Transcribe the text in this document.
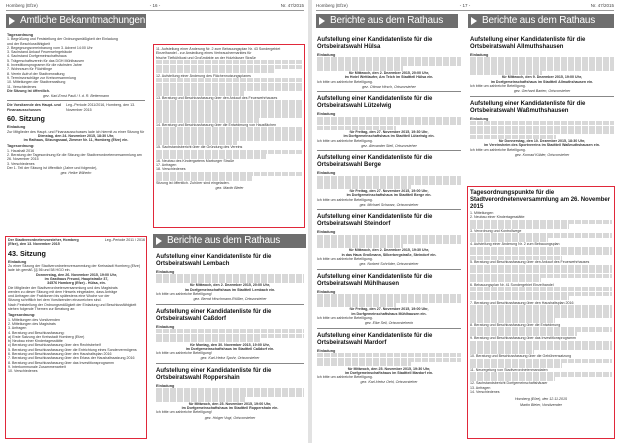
Homberg (Efze)	- 16 -	Nr. 47/2015
Amtliche Bekanntmachungen
Tagesordnung
1. Begrüßung und Feststellung der Ordnungsmäßigkeit der Einladung
und der Beschlussfähigkeit
2. Begegnungsvereinbarung vom 3. Advent 14:00 Uhr
3. Sachstand Ankauf Feuerwehrgebäude
4. Sachstand Dorfgemeinschaftshaus
5. Trägerschaftsverein für das DGH Mühlhausen
6. Investitionsprogramm für die nächsten Jahre
7. Wohnraum für Flüchtlinge
8. Verein Aufruf der Stadtverwaltung
9. Terminvorschläge zur Kreisversammlung
10. Mitteilungen der Stadtverwaltung
11. Verschiedenes
Die Sitzung ist öffentlich.
gez. Karl-Ernst Pauli / f. d. R. Bettermann
Die Vorsitzende des Haupt- und Finanzausschusses
Leg.-Periode 2011/2016, Homberg, den 13. November 2015
60. Sitzung
Einladung
Zur Mitglieder des Haupt- und Finanzausschusses lade ich hiermit zu einer Sitzung für
Dienstag, den 24. November 2015, 18:30 Uhr,
im Rathaus, Sitzungssaal, Zimmer Nr. 11, Homberg (Efze) ein.
Tagesordnung:
1. Haushalt 2016
2. Beratung der Tagesordnung für die Sitzung der Stadtverordnetenversammlung am 26. November 2015
3. Verschiedenes
Der 1. Teil der Sitzung ist öffentlich (Jahre und folgende),
gez. Heike Wilhelm
Der Stadtverordnetenvorsteher, Homberg (Efze), den 13. November 2015
Leg.-Periode 2011 / 2016
43. Sitzung
Einladung
Zu einer Sitzung der Stadtverordnetenversammlung der Kreisstadt Homberg (Efze) lade ich gemäß §§ 56 und 58 HGO ein.
Donnerstag, den 26. November 2015, 19:00 Uhr,
im Gasthaus Freund, Hauptstraße 37,
34576 Homberg (Efze) - Hülsa, ein.
Die Mitglieder der Stadtverordnetenversammlung und des Magistrats
werden zu dieser Sitzung mit dem Hinweis eingeladen, dass Anträge
und Anfragen der Fraktionen bis spätestens eine Woche vor der
Sitzung schriftlich bei dem Vorsitzenden einzureichen sind.
Nach Feststellung der Ordnungsmäßigkeit der Einladung und Beschlussfähigkeit
stehen folgende Themen zur Beratung an:
Tagesordnung:
1. Mitteilungen des Vorsitzenden
2. Mitteilungen des Magistrats
3. Anfragen
4. Beratung und Beschlussfassung:
a) Erste Satzung der Kreisstadt Homberg (Efze)
b) Neubau einer Kindertagesstätte
c) Beratung und Beschlussfassung über den Rechtsbehelf
5. Beratung und Beschlussfassung über die Entrichtung eines Sondervermögens
6. Beratung und Beschlussfassung über den Haushaltsplan 2016
7. Beratung und Beschlussfassung über den Erlass der Haushaltssatzung 2016
8. Beratung und Beschlussfassung über das Investitionsprogramm
9. Interkommunale Zusammenarbeit
10. Verschiedenes
11. Aufstellung einer Änderung Nr. 2 zum Bebauungsplan Nr. 43 Sondergebiet
Einzelhandel - zur Ansiedlung eines Verbrauchermarktes für
frische Tiefkühlkost und Großmärkte an der Holzhäuser Straße
12. Aufstellung einer Änderung des Flächennutzungsplanes
13. Beratung und Beschlussfassung über den Ankauf des Feuerwehrhauses
14. Beratung und Beschlussfassung über die Entwidmung von Hausflächen
15. Sachstandsbericht über die Gründung des Vereins
16. Neubau des Kindergartens Marburger Straße
17. Anfragen
18. Verschiedenes
Sitzung ist öffentlich. Zuhörer sind eingeladen.
gez. Martin Bleier
Berichte aus dem Rathaus
Aufstellung einer Kandidatenliste für die Ortsbeiratswahl Lembach
Einladung
für Mittwoch, den 2. Dezember 2015, 20:00 Uhr,
im Dorfgemeinschaftshaus im Stadtteil Lembach ein.
Ich bitte um zahlreiche Beteiligung!
gez. Bernd Hirschmann-Rößler, Ortsvorsteher
Aufstellung einer Kandidatenliste für die Ortsbeiratswahl Caßdorf
Einladung
für Montag, den 30. November 2015, 19:00 Uhr,
im Dorfgemeinschaftshaus im Stadtteil Caßdorf ein.
Ich bitte um zahlreiche Beteiligung!
gez. Karl-Heinz Spohr, Ortsvorsteher
Aufstellung einer Kandidatenliste für die Ortsbeiratswahl Roppershain
Einladung
für Mittwoch, den 25. November 2015, 19:00 Uhr,
im Dorfgemeinschaftshaus im Stadtteil Roppershain ein.
Ich bitte um zahlreiche Beteiligung!
gez. Holger Vogt, Ortsvorsteher
Homberg (Efze)	- 17 -	Nr. 47/2015
Berichte aus dem Rathaus	Berichte aus dem Rathaus
Aufstellung einer Kandidatenliste für die Ortsbeiratswahl Hülsa
Einladung
für Mittwoch, den 2. Dezember 2015, 20:00 Uhr,
im Hotel Wettlaufer, Am Teich im Stadtteil Hülsa ein.
Ich bitte um zahlreiche Beteiligung.
gez. Ottmar Hirsch, Ortsvorsteher
Aufstellung einer Kandidatenliste für die Ortsbeiratswahl Lützelwig
Einladung
für Freitag, den 27. November 2015, 19:30 Uhr,
im Dorfgemeinschaftshaus im Stadtteil Lützelwig ein.
Ich bitte um zahlreiche Beteiligung.
gez. Alexander Steil, Ortsvorsteher
Aufstellung einer Kandidatenliste für die Ortsbeiratswahl Berge
Einladung
für Freitag, den 27. November 2015, 19:00 Uhr,
im Dorfgemeinschaftshaus im Stadtteil Berge ein.
Ich bitte um zahlreiche Beteiligung.
gez. Michael Schwarz, Ortsvorsteher
Aufstellung einer Kandidatenliste für die Ortsbeiratswahl Steindorf
Einladung
für Mittwoch, den 2. Dezember 2015, 19:30 Uhr,
in das Haus Großmann, Silberbergstraße, Steindorf ein.
Ich bitte um zahlreiche Beteiligung.
gez. Norbert Schröder, Ortsvorsteher
Aufstellung einer Kandidatenliste für die Ortsbeiratswahl Mühlhausen
Einladung
für Freitag, den 27. November 2015, 19:00 Uhr,
im Dorfgemeinschaftshaus Mühlhausen ein.
Ich bitte um zahlreiche Beteiligung.
gez. Elke Seil, Ortsvorsteherin
Aufstellung einer Kandidatenliste für die Ortsbeiratswahl Mardorf
Einladung
für Mittwoch, den 25. November 2015, 19:30 Uhr,
im Dorfgemeinschaftshaus im Stadtteil Mardorf ein.
Ich bitte um zahlreiche Beteiligung.
gez. Karl-Heinz Oehl, Ortsvorsteher
Aufstellung einer Kandidatenliste für die Ortsbeiratswahl Allmuthshausen
Einladung
für Mittwoch, den 9. Dezember 2015, 19:00 Uhr,
im Dorfgemeinschaftshaus im Stadtteil Allmuthshausen ein.
Ich bitte um zahlreiche Beteiligung.
gez. Gerhard Barten, Ortsvorsteher
Aufstellung einer Kandidatenliste für die Ortsbeiratswahl Waßmuthshausen
Einladung
für Donnerstag, den 10. Dezember 2015, 18:30 Uhr,
im Vereinsheim des Sportvereins im Stadtteil Waßmuthshausen ein.
Ich bitte um zahlreiche Beteiligung.
gez. Konrad Kübler, Ortsvorsteher
Tagesordnungspunkte für die Stadtverordnetenversammlung am 26. November 2015
1. Mitteilungen
2. Neubau einer Kindertagesstätte
3. Verordnung und Kontrollwege
4. Aufstellung einer Änderung Nr. 2 zum Bebauungsplan
5. Beratung und Beschlussfassung über den Ankauf des Feuerwehrhauses
6. Bebauungsplan Nr. 41 Sondergebiet Einzelhandel
7. Beratung und Beschlussfassung über den Haushaltsplan 2016
8. Beratung und Beschlussfassung über die Entwidmung
9. Beratung und Beschlussfassung über das Investitionsprogramm
10. Beratung und Beschlussfassung über die Gebührensatzung
11. Neuregelung von Stadtverordnetenmandaten
12. Sachstandsbericht Dorfgemeinschaftshäuser
13. Anfragen
14. Verschiedenes
Homberg (Efze), den 12.11.2015
Martin Bleier, Vorsitzender
